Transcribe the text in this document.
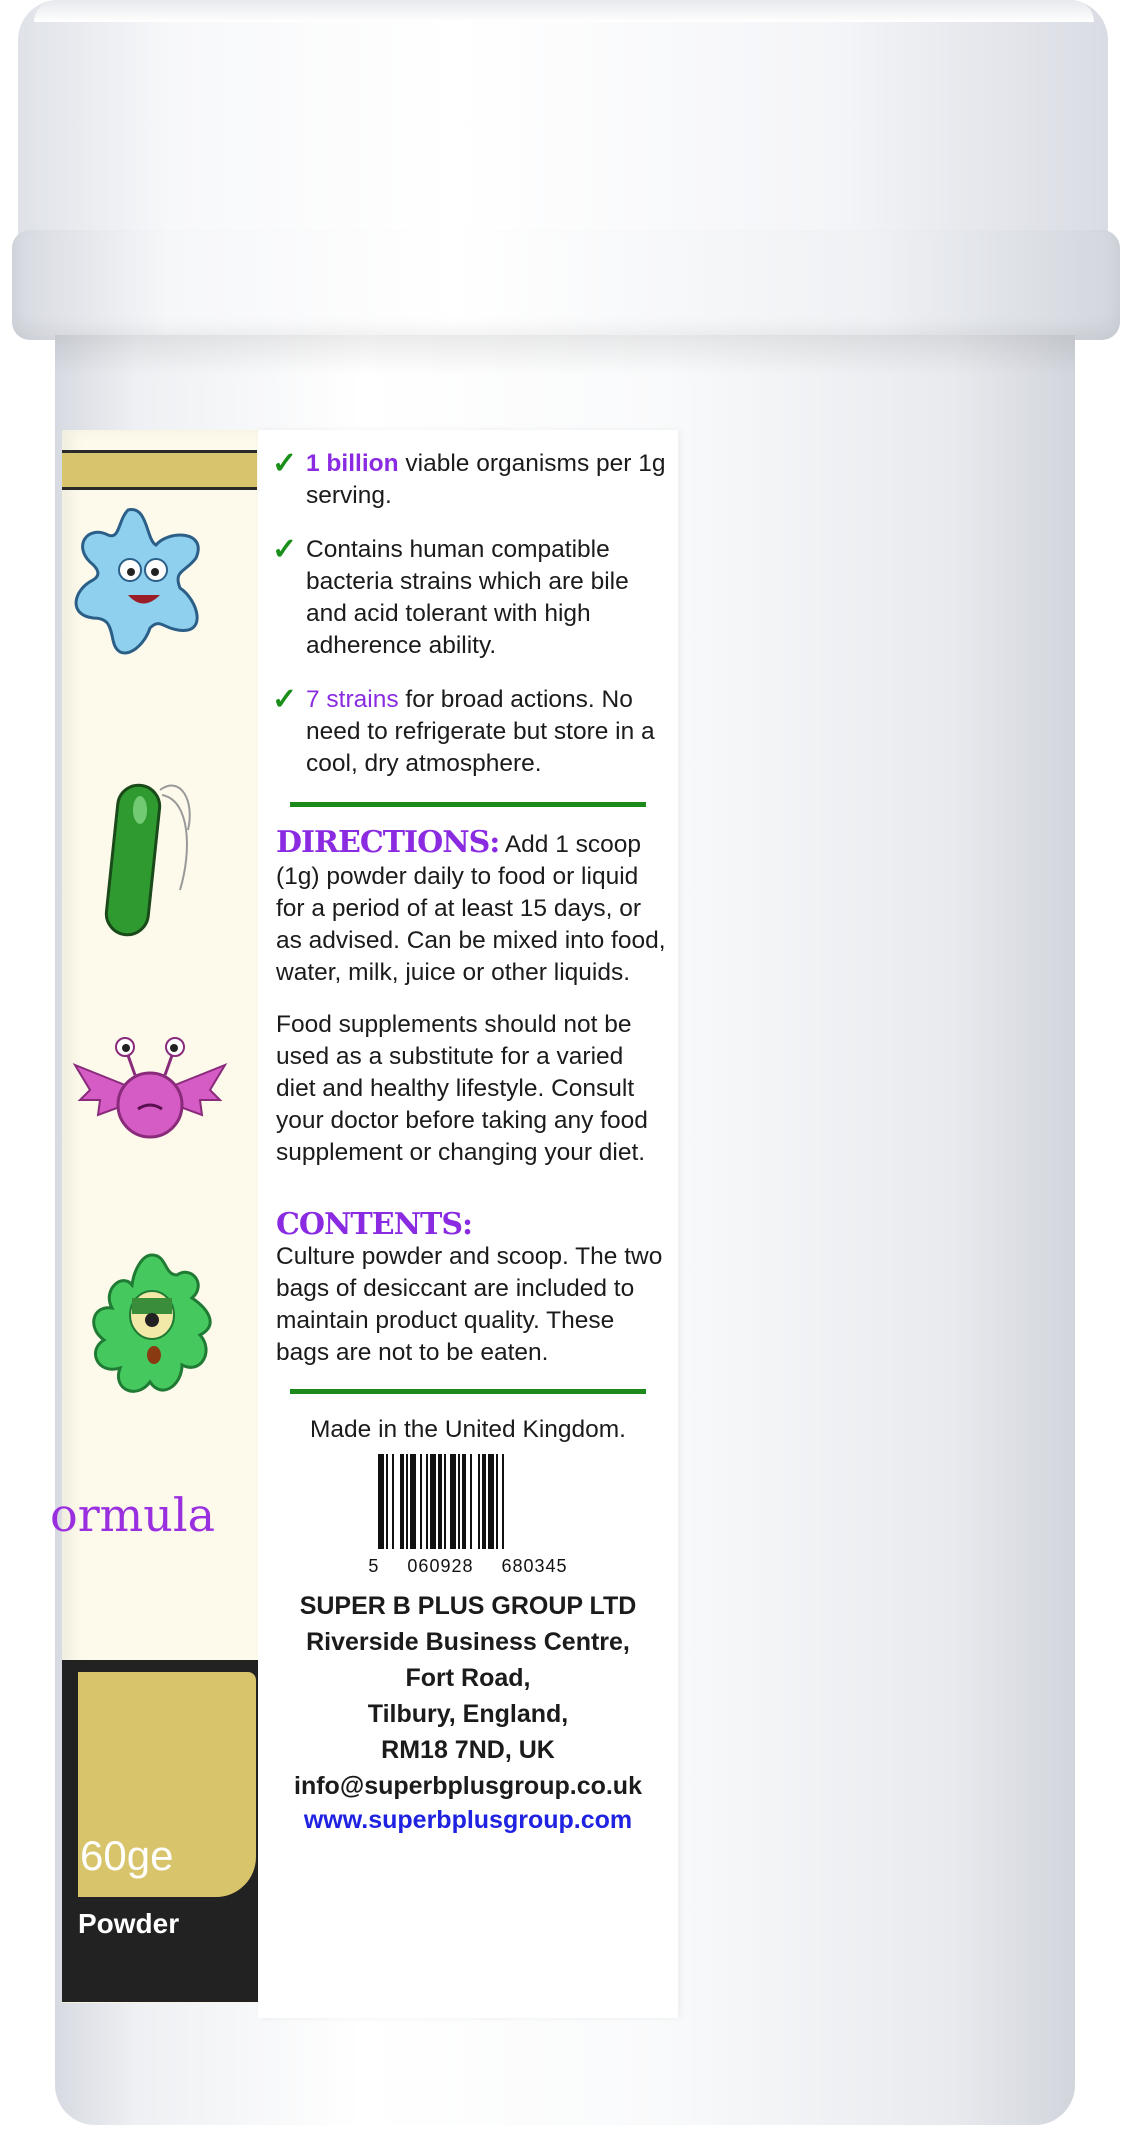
ormula
60ge
Powder
✓ 1 billion viable organisms per 1g serving.
✓ Contains human compatible bacteria strains which are bile and acid tolerant with high adherence ability.
✓ 7 strains for broad actions. No need to refrigerate but store in a cool, dry atmosphere.
DIRECTIONS: Add 1 scoop (1g) powder daily to food or liquid for a period of at least 15 days, or as advised. Can be mixed into food, water, milk, juice or other liquids.
Food supplements should not be used as a substitute for a varied diet and healthy lifestyle. Consult your doctor before taking any food supplement or changing your diet.
CONTENTS:
Culture powder and scoop. The two bags of desiccant are included to maintain product quality. These bags are not to be eaten.
Made in the United Kingdom.
5 060928 680345
SUPER B PLUS GROUP LTD
Riverside Business Centre,
Fort Road,
Tilbury, England,
RM18 7ND, UK
info@superbplusgroup.co.uk
www.superbplusgroup.com
